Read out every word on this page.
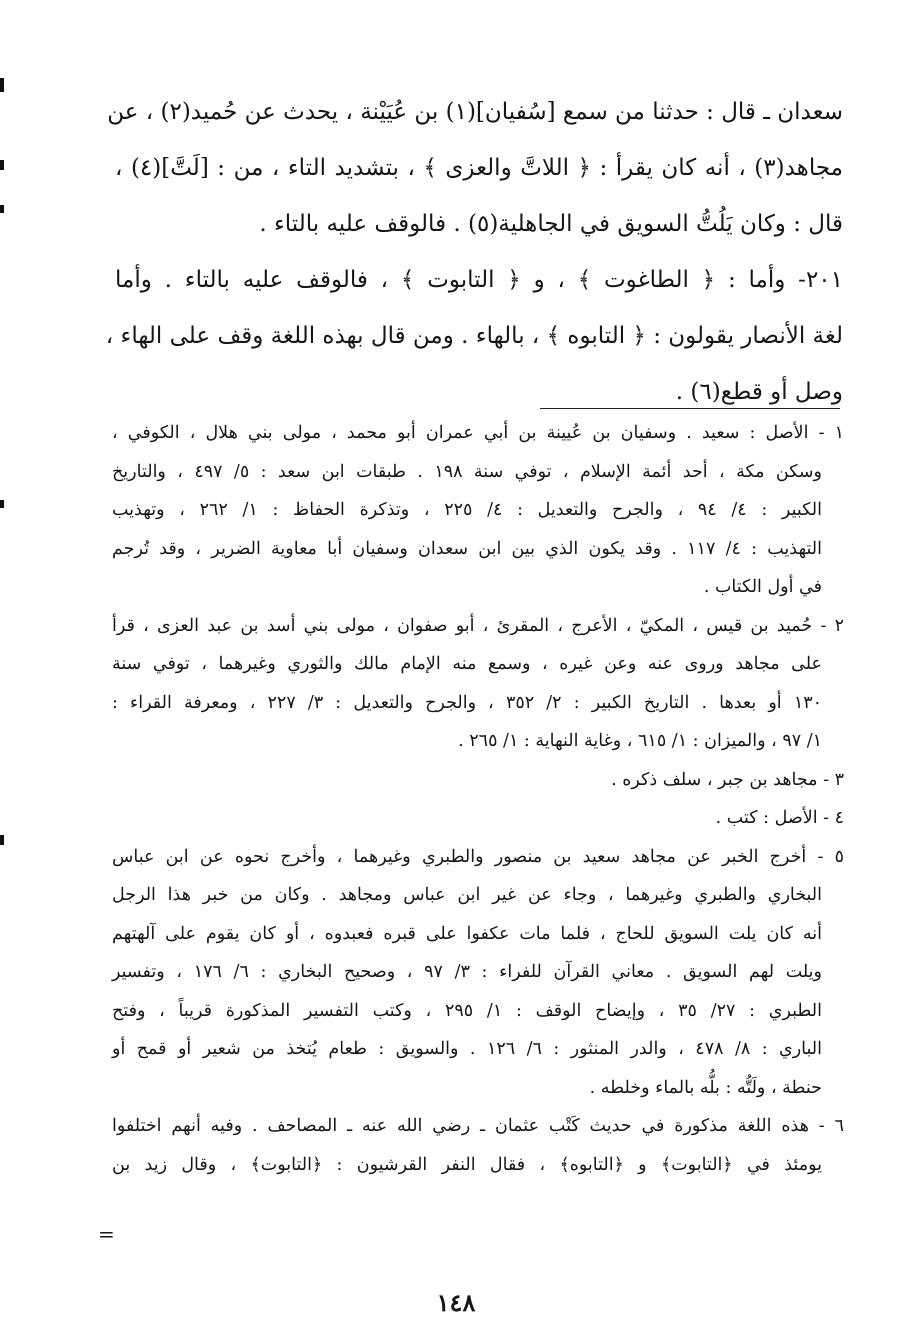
سعدان ـ قال : حدثنا من سمع [سُفيان](١) بن عُيَيْنة ، يحدث عن حُميد(٢) ، عن
مجاهد(٣) ، أنه كان يقرأ : ﴿ اللاتَّ والعزى ﴾ ، بتشديد التاء ، من : [لَتَّ](٤) ،
قال : وكان يَلُتُّ السويق في الجاهلية(٥) . فالوقف عليه بالتاء .
٢٠١- وأما : ﴿ الطاغوت ﴾ ، و ﴿ التابوت ﴾ ، فالوقف عليه بالتاء . وأما
لغة الأنصار يقولون : ﴿ التابوه ﴾ ، بالهاء . ومن قال بهذه اللغة وقف على الهاء ،
وصل أو قطع(٦) .
١ - الأصل : سعيد . وسفيان بن عُيينة بن أبي عمران أبو محمد ، مولى بني هلال ، الكوفي ،
وسكن مكة ، أحد أئمة الإسلام ، توفي سنة ١٩٨ . طبقات ابن سعد : ٥/ ٤٩٧ ، والتاريخ
الكبير : ٤/ ٩٤ ، والجرح والتعديل : ٤/ ٢٢٥ ، وتذكرة الحفاظ : ١/ ٢٦٢ ، وتهذيب
التهذيب : ٤/ ١١٧ . وقد يكون الذي بين ابن سعدان وسفيان أبا معاوية الضرير ، وقد تُرجم
في أول الكتاب .
٢ - حُميد بن قيس ، المكيّ ، الأعرج ، المقرئ ، أبو صفوان ، مولى بني أسد بن عبد العزى ، قرأ
على مجاهد وروى عنه وعن غيره ، وسمع منه الإمام مالك والثوري وغيرهما ، توفي سنة
١٣٠ أو بعدها . التاريخ الكبير : ٢/ ٣٥٢ ، والجرح والتعديل : ٣/ ٢٢٧ ، ومعرفة القراء :
١/ ٩٧ ، والميزان : ١/ ٦١٥ ، وغاية النهاية : ١/ ٢٦٥ .
٣ - مجاهد بن جبر ، سلف ذكره .
٤ - الأصل : كتب .
٥ - أخرج الخبر عن مجاهد سعيد بن منصور والطبري وغيرهما ، وأخرج نحوه عن ابن عباس
البخاري والطبري وغيرهما ، وجاء عن غير ابن عباس ومجاهد . وكان من خبر هذا الرجل
أنه كان يلت السويق للحاج ، فلما مات عكفوا على قبره فعبدوه ، أو كان يقوم على آلهتهم
ويلت لهم السويق . معاني القرآن للفراء : ٣/ ٩٧ ، وصحيح البخاري : ٦/ ١٧٦ ، وتفسير
الطبري : ٢٧/ ٣٥ ، وإيضاح الوقف : ١/ ٢٩٥ ، وكتب التفسير المذكورة قريباً ، وفتح
الباري : ٨/ ٤٧٨ ، والدر المنثور : ٦/ ١٢٦ . والسويق : طعام يُتخذ من شعير أو قمح أو
حنطة ، ولَتُّه : بلُّه بالماء وخلطه .
٦ - هذه اللغة مذكورة في حديث كَتْب عثمان ـ رضي الله عنه ـ المصاحف . وفيه أنهم اختلفوا
يومئذ في ﴿التابوت﴾ و ﴿التابوه﴾ ، فقال النفر القرشيون : ﴿التابوت﴾ ، وقال زيد بن
=
١٤٨
